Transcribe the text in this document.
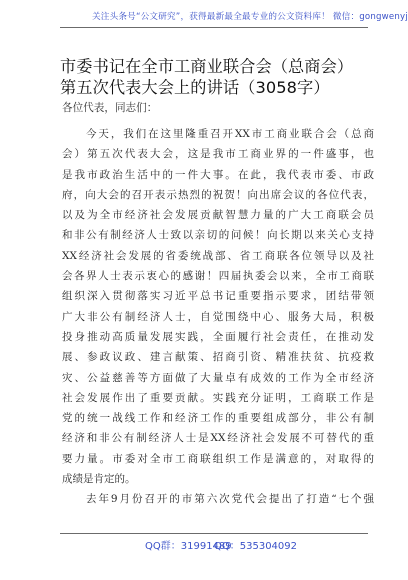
关注头条号“公文研究”，获得最新最全最专业的公文资料库！ 微信：gongwenyj
市委书记在全市工商业联合会（总商会）
第五次代表大会上的讲话（3058字）
各位代表，同志们：
今天，我们在这里隆重召开XX市工商业联合会（总商
会）第五次代表大会，这是我市工商业界的一件盛事，也
是我市政治生活中的一件大事。在此，我代表市委、市政
府，向大会的召开表示热烈的祝贺！向出席会议的各位代表，
以及为全市经济社会发展贡献智慧力量的广大工商联会员
和非公有制经济人士致以亲切的问候！向长期以来关心支持
XX经济社会发展的省委统战部、省工商联各位领导以及社
会各界人士表示衷心的感谢！四届执委会以来，全市工商联
组织深入贯彻落实习近平总书记重要指示要求，团结带领
广大非公有制经济人士，自觉围绕中心、服务大局，积极
投身推动高质量发展实践，全面履行社会责任，在推动发
展、参政议政、建言献策、招商引资、精准扶贫、抗疫救
灾、公益慈善等方面做了大量卓有成效的工作为全市经济
社会发展作出了重要贡献。实践充分证明，工商联工作是
党的统一战线工作和经济工作的重要组成部分，非公有制
经济和非公有制经济人士是XX经济社会发展不可替代的重
要力量。市委对全市工商联组织工作是满意的，对取得的
成绩是肯定的。
去年9月份召开的市第六次党代会提出了打造“七个强
QQ群：31991489
QQ：535304092
